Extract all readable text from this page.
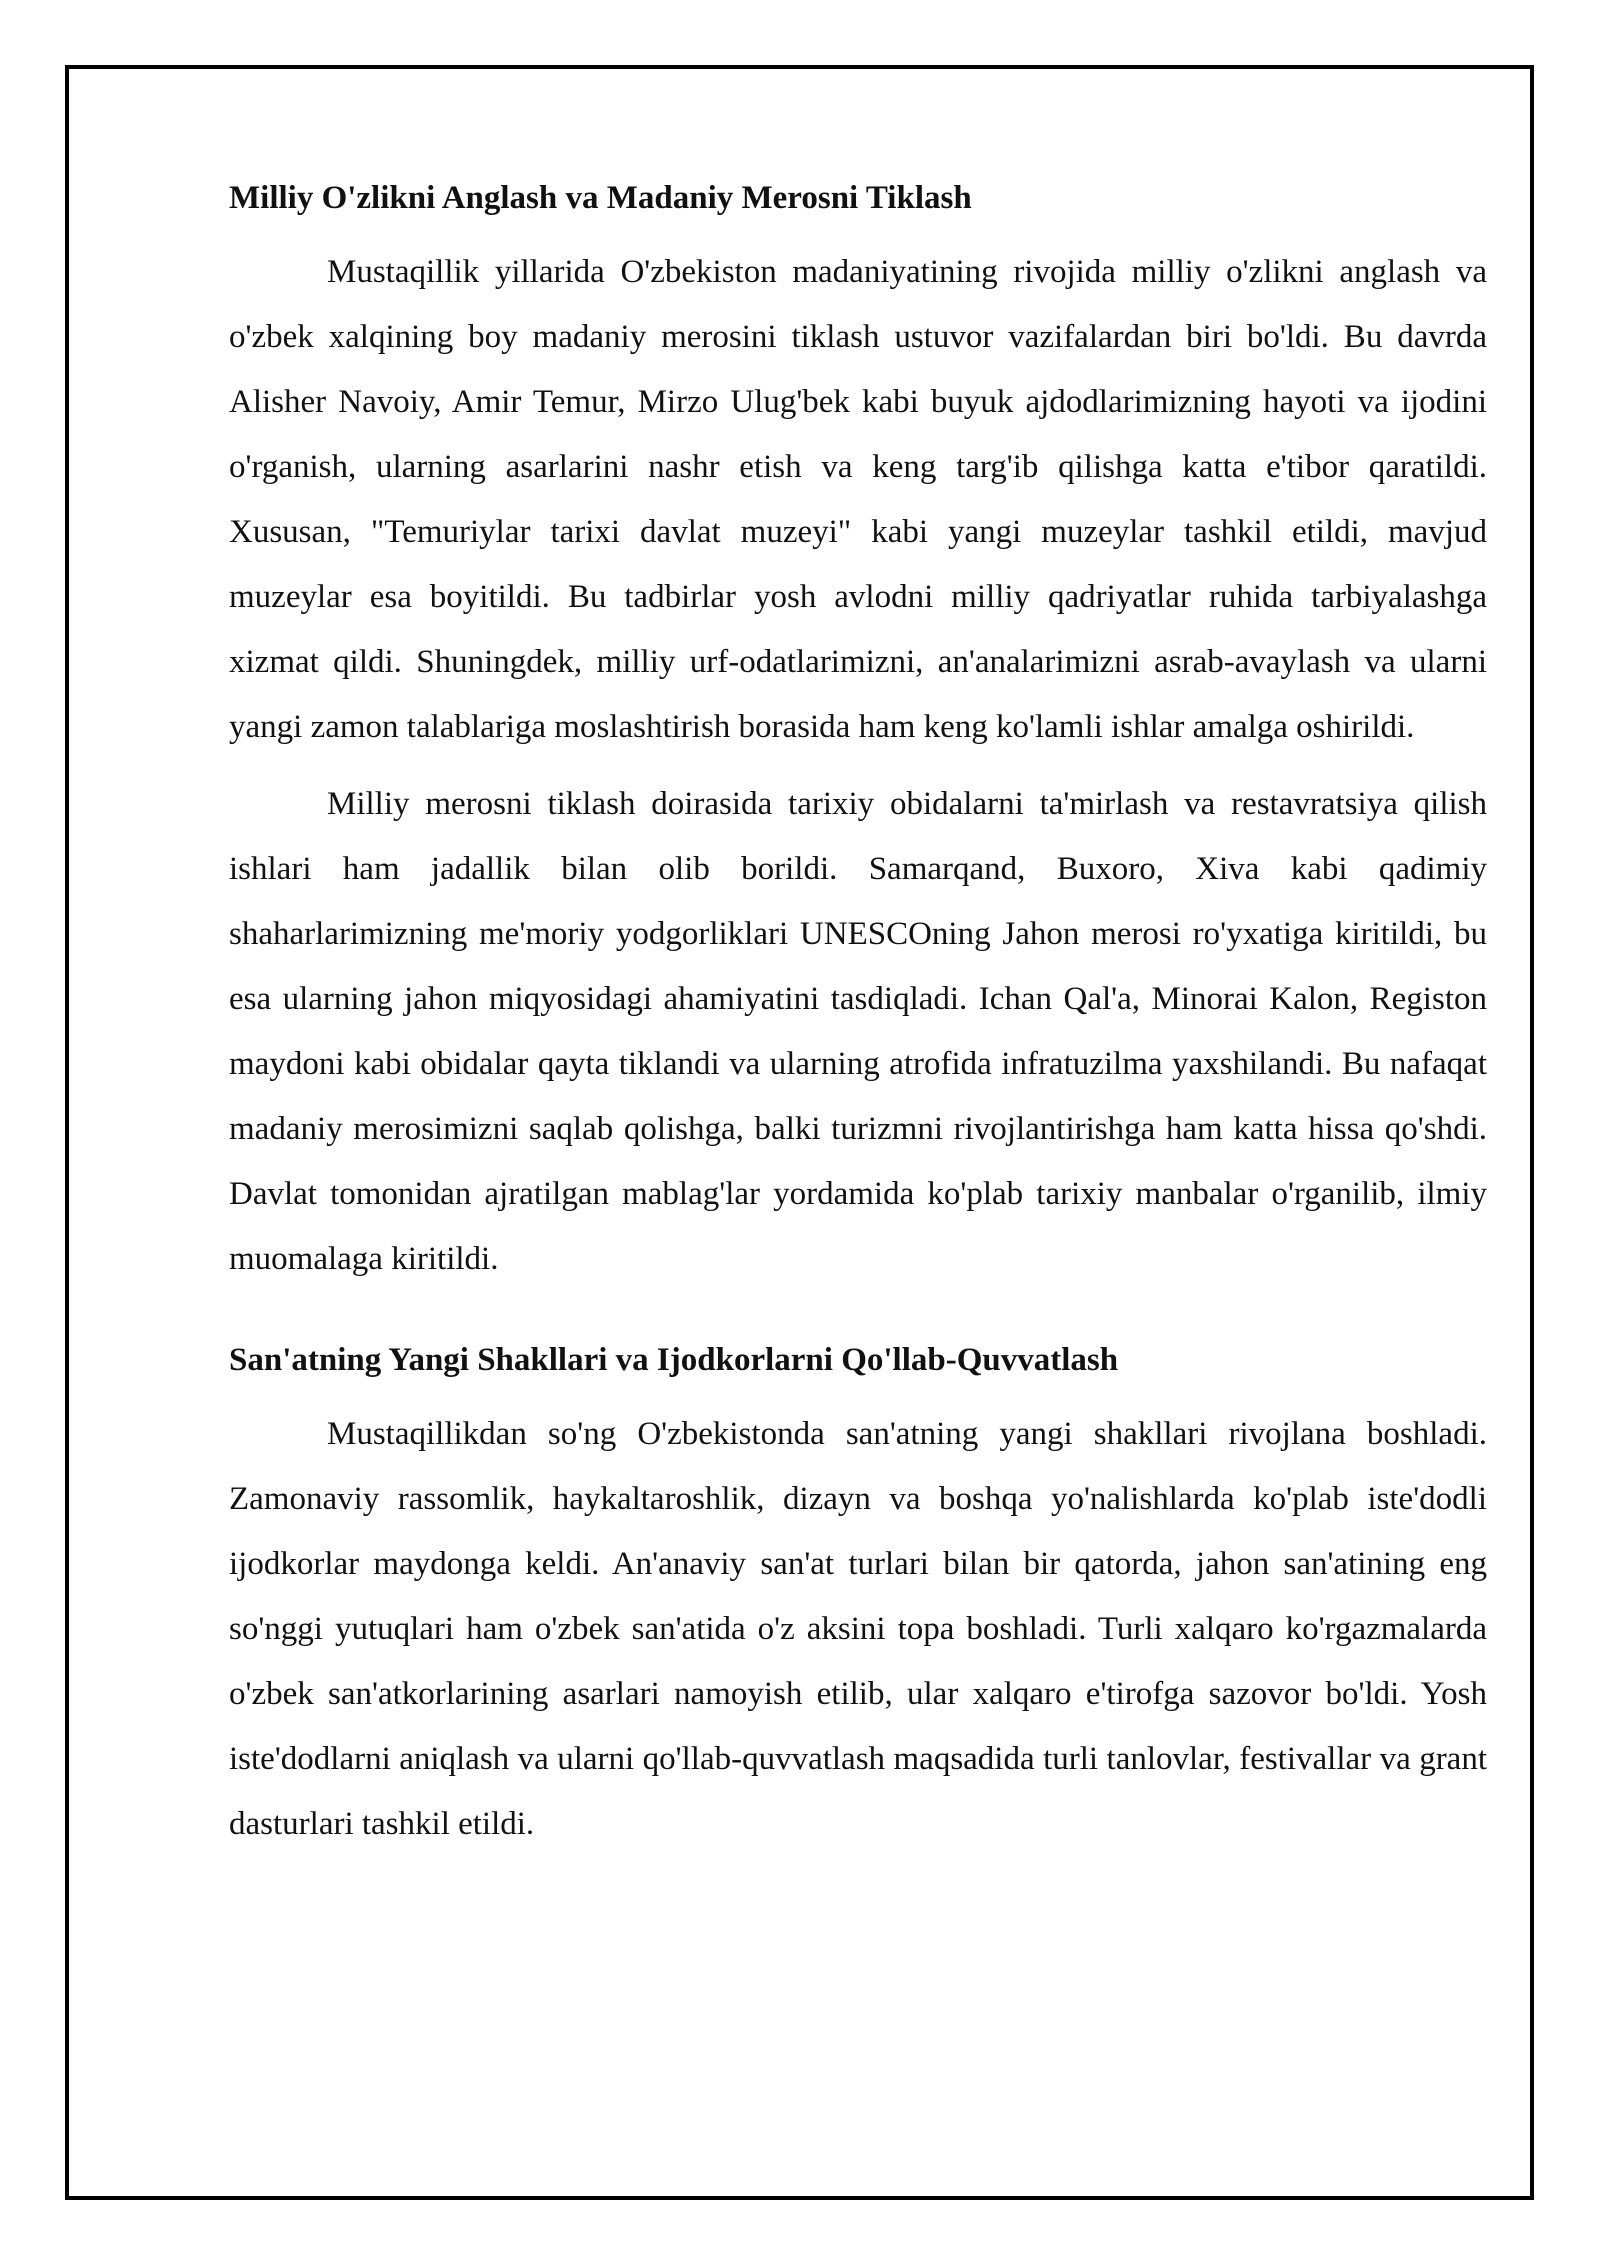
Milliy O'zlikni Anglash va Madaniy Merosni Tiklash

Mustaqillik yillarida O'zbekiston madaniyatining rivojida milliy o'zlikni anglash va o'zbek xalqining boy madaniy merosini tiklash ustuvor vazifalardan biri bo'ldi. Bu davrda Alisher Navoiy, Amir Temur, Mirzo Ulug'bek kabi buyuk ajdodlarimizning hayoti va ijodini o'rganish, ularning asarlarini nashr etish va keng targ'ib qilishga katta e'tibor qaratildi. Xususan, "Temuriylar tarixi davlat muzeyi" kabi yangi muzeylar tashkil etildi, mavjud muzeylar esa boyitildi. Bu tadbirlar yosh avlodni milliy qadriyatlar ruhida tarbiyalashga xizmat qildi. Shuningdek, milliy urf-odatlarimizni, an'analarimizni asrab-avaylash va ularni yangi zamon talablariga moslashtirish borasida ham keng ko'lamli ishlar amalga oshirildi.

Milliy merosni tiklash doirasida tarixiy obidalarni ta'mirlash va restavratsiya qilish ishlari ham jadallik bilan olib borildi. Samarqand, Buxoro, Xiva kabi qadimiy shaharlarimizning me'moriy yodgorliklari UNESCOning Jahon merosi ro'yxatiga kiritildi, bu esa ularning jahon miqyosidagi ahamiyatini tasdiqladi. Ichan Qal'a, Minorai Kalon, Registon maydoni kabi obidalar qayta tiklandi va ularning atrofida infratuzilma yaxshilandi. Bu nafaqat madaniy merosimizni saqlab qolishga, balki turizmni rivojlantirishga ham katta hissa qo'shdi. Davlat tomonidan ajratilgan mablag'lar yordamida ko'plab tarixiy manbalar o'rganilib, ilmiy muomalaga kiritildi.

San'atning Yangi Shakllari va Ijodkorlarni Qo'llab-Quvvatlash

Mustaqillikdan so'ng O'zbekistonda san'atning yangi shakllari rivojlana boshladi. Zamonaviy rassomlik, haykaltaroshlik, dizayn va boshqa yo'nalishlarda ko'plab iste'dodli ijodkorlar maydonga keldi. An'anaviy san'at turlari bilan bir qatorda, jahon san'atining eng so'nggi yutuqlari ham o'zbek san'atida o'z aksini topa boshladi. Turli xalqaro ko'rgazmalarda o'zbek san'atkorlarining asarlari namoyish etilib, ular xalqaro e'tirofga sazovor bo'ldi. Yosh iste'dodlarni aniqlash va ularni qo'llab-quvvatlash maqsadida turli tanlovlar, festivallar va grant dasturlari tashkil etildi.
